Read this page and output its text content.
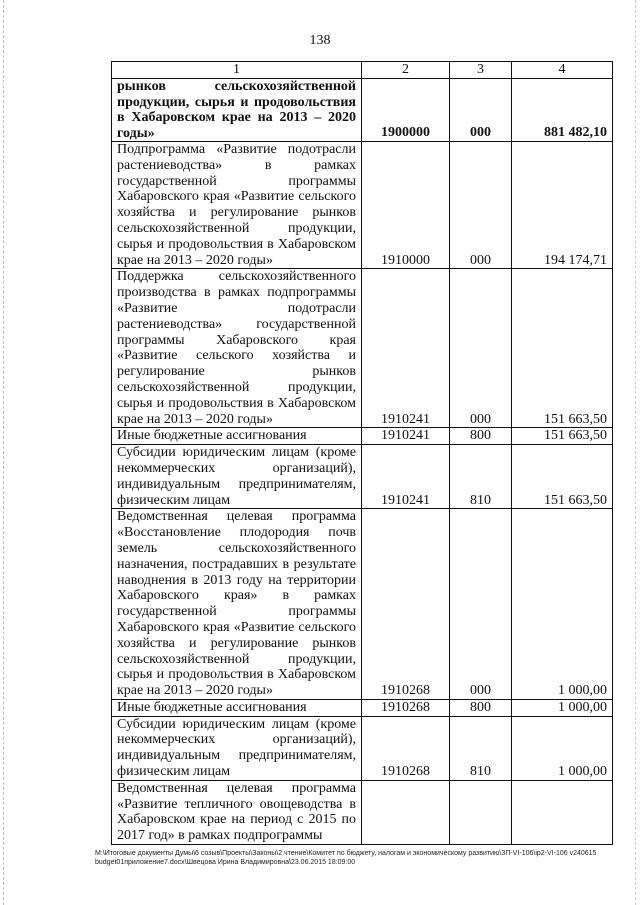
138
1	2	3	4
рынков сельскохозяйственной продукции, сырья и продовольствия в Хабаровском крае на 2013 – 2020 годы»	1900000	000	881 482,10
Подпрограмма «Развитие подотрасли растениеводства» в рамках государственной программы Хабаровского края «Развитие сельского хозяйства и регулирование рынков сельскохозяйственной продукции, сырья и продовольствия в Хабаровском крае на 2013 – 2020 годы»	1910000	000	194 174,71
Поддержка сельскохозяйственного производства в рамках подпрограммы «Развитие подотрасли растениеводства» государственной программы Хабаровского края «Развитие сельского хозяйства и регулирование рынков сельскохозяйственной продукции, сырья и продовольствия в Хабаровском крае на 2013 – 2020 годы»	1910241	000	151 663,50
Иные бюджетные ассигнования	1910241	800	151 663,50
Субсидии юридическим лицам (кроме некоммерческих организаций), индивидуальным предпринимателям, физическим лицам	1910241	810	151 663,50
Ведомственная целевая программа «Восстановление плодородия почв земель сельскохозяйственного назначения, пострадавших в результате наводнения в 2013 году на территории Хабаровского края» в рамках государственной программы Хабаровского края «Развитие сельского хозяйства и регулирование рынков сельскохозяйственной продукции, сырья и продовольствия в Хабаровском крае на 2013 – 2020 годы»	1910268	000	1 000,00
Иные бюджетные ассигнования	1910268	800	1 000,00
Субсидии юридическим лицам (кроме некоммерческих организаций), индивидуальным предпринимателям, физическим лицам	1910268	810	1 000,00
Ведомственная целевая программа «Развитие тепличного овощеводства в Хабаровском крае на период с 2015 по 2017 год» в рамках подпрограммы			
M:\Итоговые документы Думы\6 созыв\Проекты\Законы\2 чтение\Комитет по бюджету, налогам и экономическому развитию\ЗП-VI-106\ip2-VI-106 v240615 budget01приложение7.docx\Швецова Ирина Владимировна\23.06.2015 18:09:00
